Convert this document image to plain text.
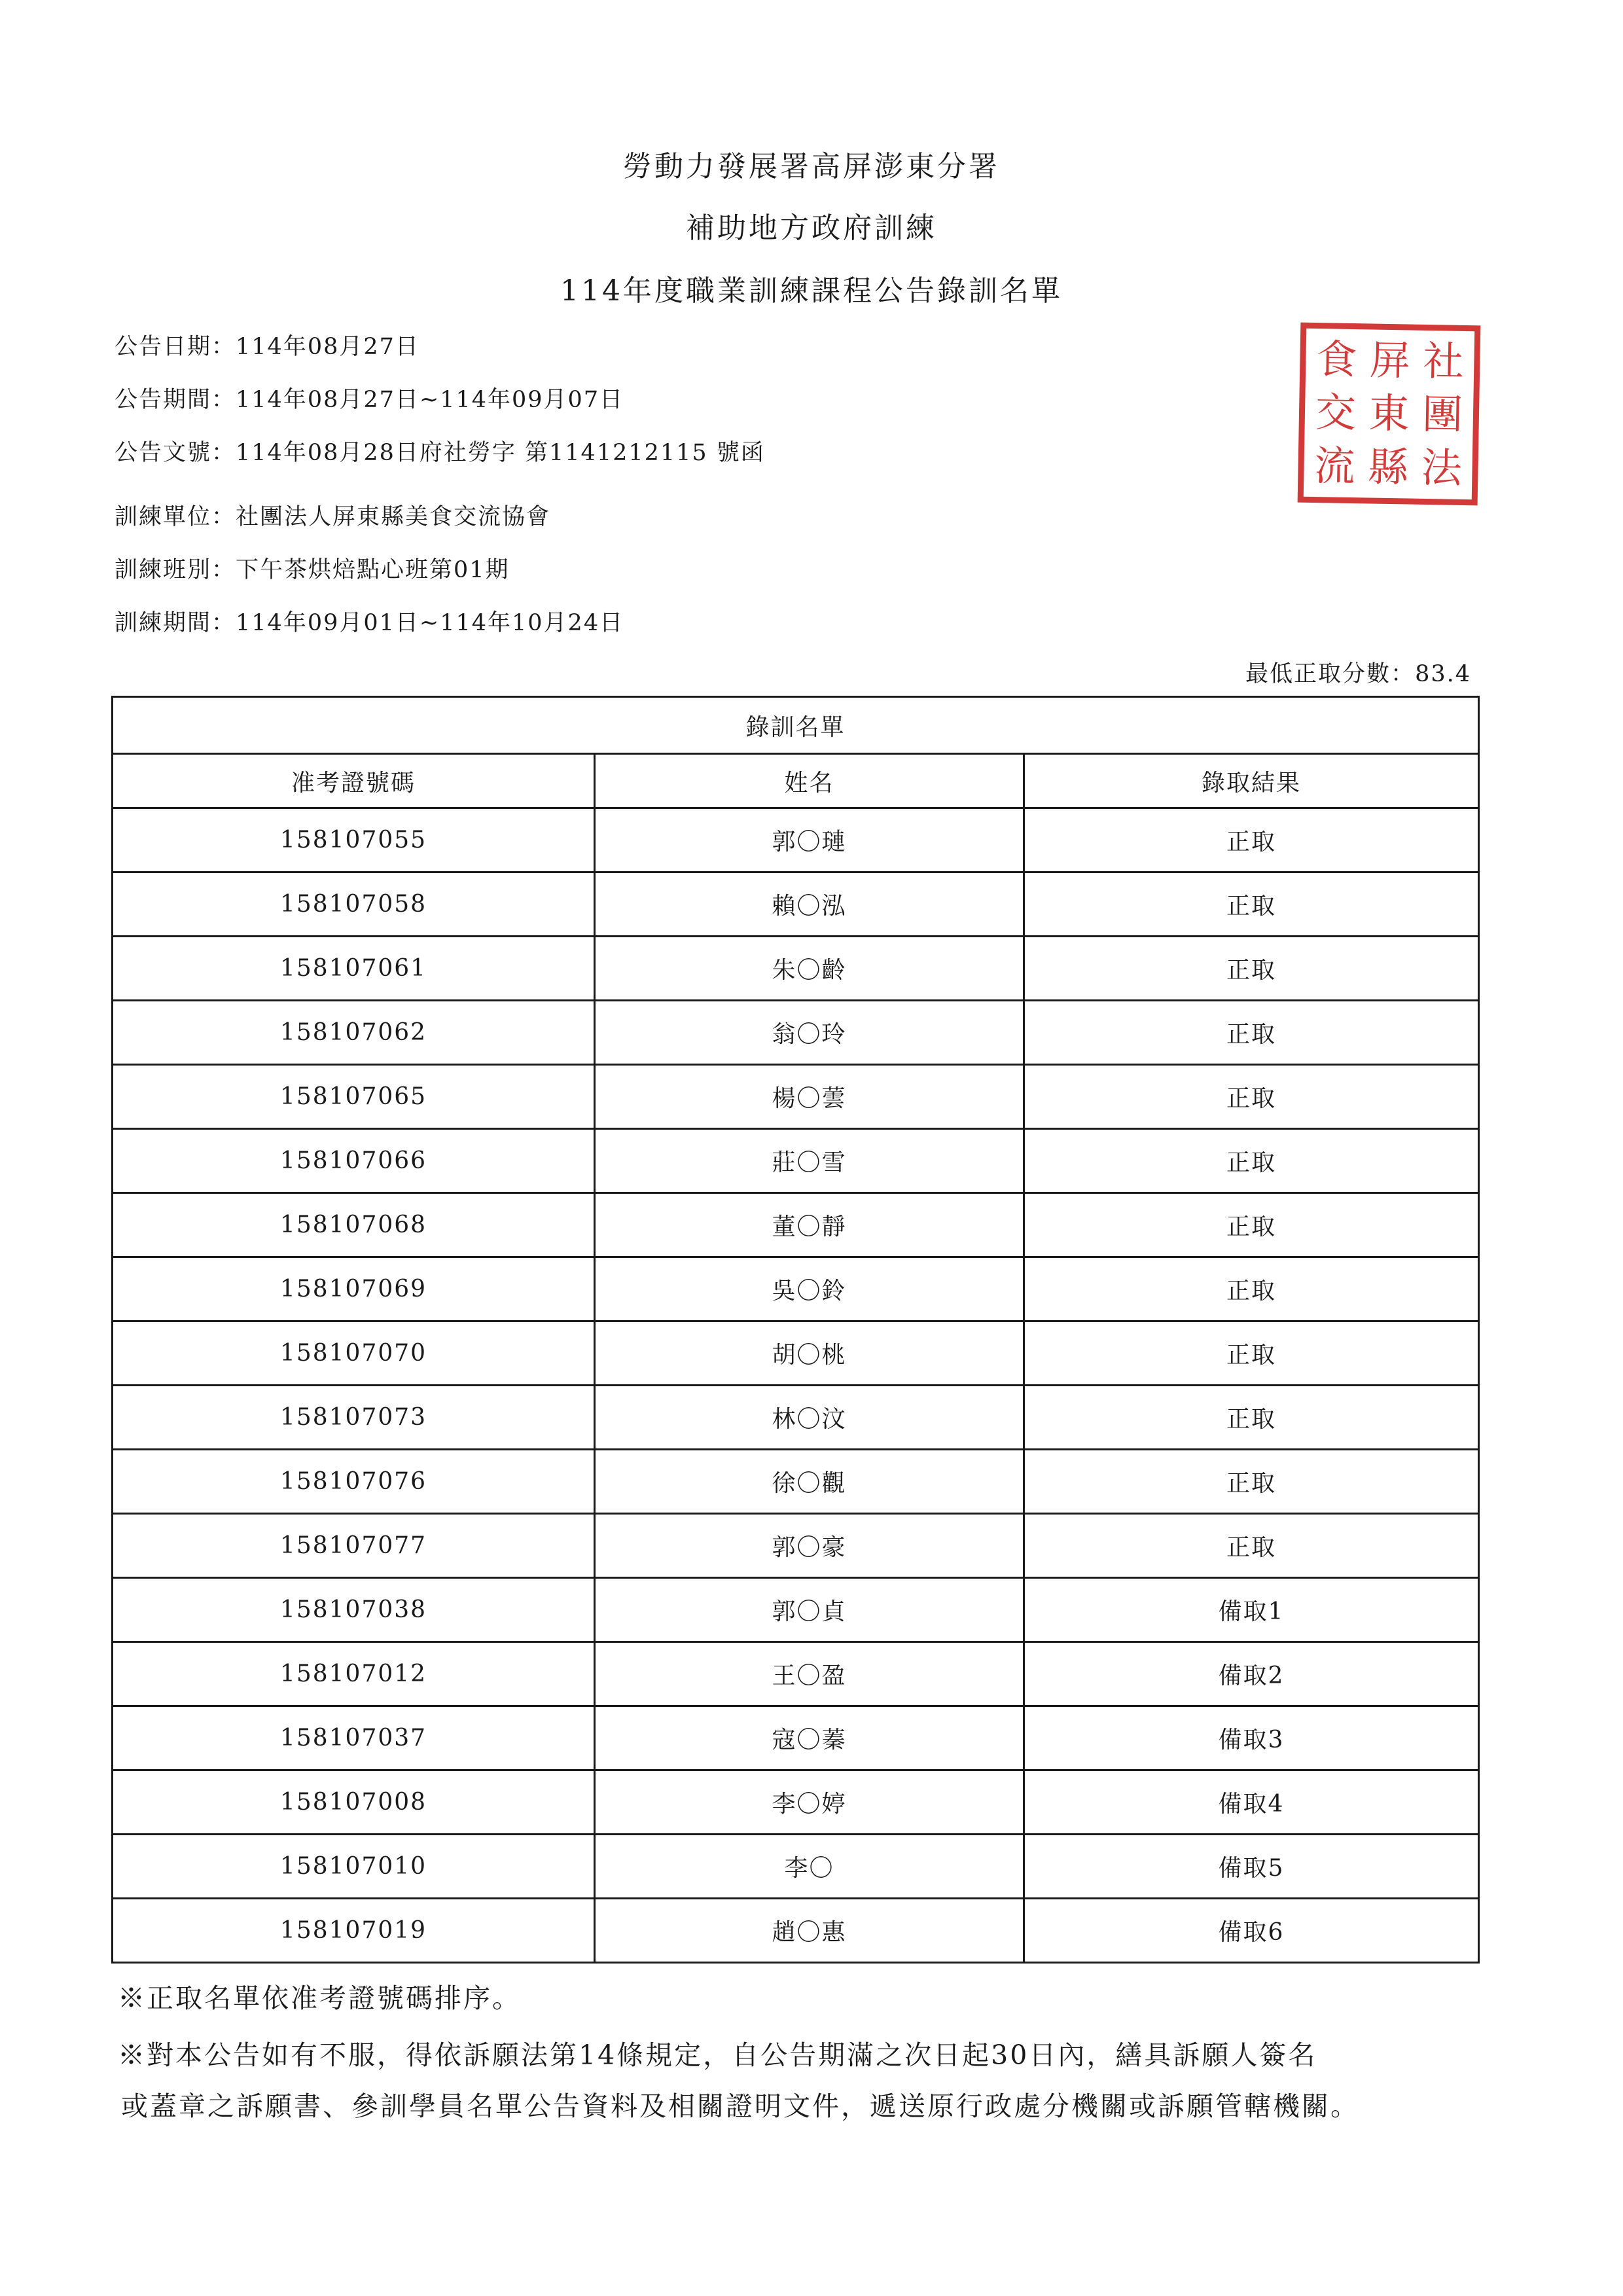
勞動力發展署高屏澎東分署
補助地方政府訓練
114年度職業訓練課程公告錄訓名單
公告日期：114年08月27日
公告期間：114年08月27日~114年09月07日
公告文號：114年08月28日府社勞字 第1141212115 號函
訓練單位：社團法人屏東縣美食交流協會
訓練班別：下午茶烘焙點心班第01期
訓練期間：114年09月01日~114年10月24日
食 屏 社
交 東 團
流 縣 法
最低正取分數：83.4
錄訓名單		
准考證號碼	姓名	錄取結果
158107055	郭〇璉	正取
158107058	賴〇泓	正取
158107061	朱〇齡	正取
158107062	翁〇玲	正取
158107065	楊〇蕓	正取
158107066	莊〇雪	正取
158107068	董〇靜	正取
158107069	吳〇鈴	正取
158107070	胡〇桃	正取
158107073	林〇汶	正取
158107076	徐〇觀	正取
158107077	郭〇豪	正取
158107038	郭〇貞	備取1
158107012	王〇盈	備取2
158107037	寇〇蓁	備取3
158107008	李〇婷	備取4
158107010	李〇	備取5
158107019	趙〇惠	備取6
※正取名單依准考證號碼排序。
※對本公告如有不服，得依訴願法第14條規定，自公告期滿之次日起30日內，繕具訴願人簽名
或蓋章之訴願書、參訓學員名單公告資料及相關證明文件，遞送原行政處分機關或訴願管轄機關。
